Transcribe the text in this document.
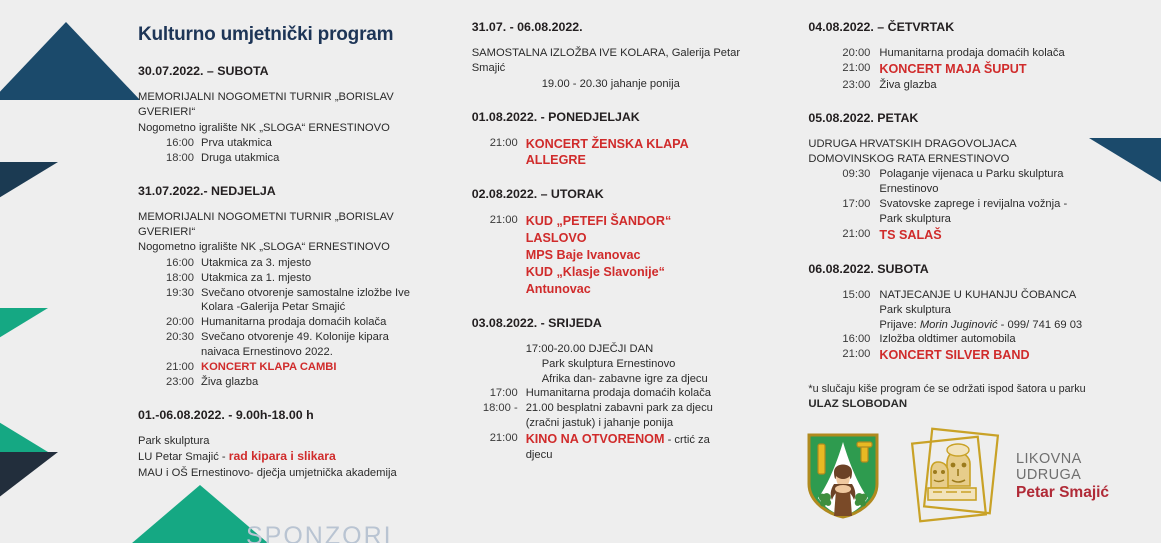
SPONZORI
Kulturno umjetnički program
30.07.2022. – SUBOTA
MEMORIJALNI NOGOMETNI TURNIR „BORISLAV
GVERIERI“
Nogometno igralište NK „SLOGA“ ERNESTINOVO
16:00 Prva utakmica
18:00 Druga utakmica
31.07.2022.- NEDJELJA
MEMORIJALNI NOGOMETNI TURNIR „BORISLAV
GVERIERI“
Nogometno igralište NK „SLOGA“ ERNESTINOVO
16:00 Utakmica za 3. mjesto
18:00 Utakmica za 1. mjesto
19:30 Svečano otvorenje samostalne izložbe Ive
Kolara -Galerija Petar Smajić
20:00 Humanitarna prodaja domaćih kolača
20:30 Svečano otvorenje 49. Kolonije kipara
naivaca Ernestinovo 2022.
21:00 KONCERT KLAPA CAMBI
23:00 Živa glazba
01.-06.08.2022. - 9.00h-18.00 h
Park skulptura
LU Petar Smajić - rad kipara i slikara
MAU i OŠ Ernestinovo- dječja umjetnička akademija
31.07. - 06.08.2022.
SAMOSTALNA IZLOŽBA IVE KOLARA, Galerija Petar
Smajić
19.00 - 20.30 jahanje ponija
01.08.2022. - PONEDJELJAK
21:00 KONCERT ŽENSKA KLAPA
ALLEGRE
02.08.2022. – UTORAK
21:00 KUD „PETEFI ŠANDOR“
LASLOVO
MPS Baje Ivanovac
KUD „Klasje Slavonije“
Antunovac
03.08.2022. - SRIJEDA
17:00-20.00 DJEČJI DAN
Park skulptura Ernestinovo
Afrika dan- zabavne igre za djecu
17:00 Humanitarna prodaja domaćih kolača
18:00 - 21.00 besplatni zabavni park za djecu
(zračni jastuk) i jahanje ponija
21:00 KINO NA OTVORENOM - crtić za
djecu
04.08.2022. – ČETVRTAK
20:00 Humanitarna prodaja domaćih kolača
21:00 KONCERT MAJA ŠUPUT
23:00 Živa glazba
05.08.2022. PETAK
UDRUGA HRVATSKIH DRAGOVOLJACA
DOMOVINSKOG RATA ERNESTINOVO
09:30 Polaganje vijenaca u Parku skulptura
Ernestinovo
17:00 Svatovske zaprege i revijalna vožnja -
Park skulptura
21:00 TS SALAŠ
06.08.2022. SUBOTA
15:00 NATJECANJE U KUHANJU ČOBANCA
Park skulptura
Prijave: Morin Juginović - 099/ 741 69 03
16:00 Izložba oldtimer automobila
21:00 KONCERT SILVER BAND
*u slučaju kiše program će se održati ispod šatora u parku
ULAZ SLOBODAN
LIKOVNA
UDRUGA
Petar Smajić
